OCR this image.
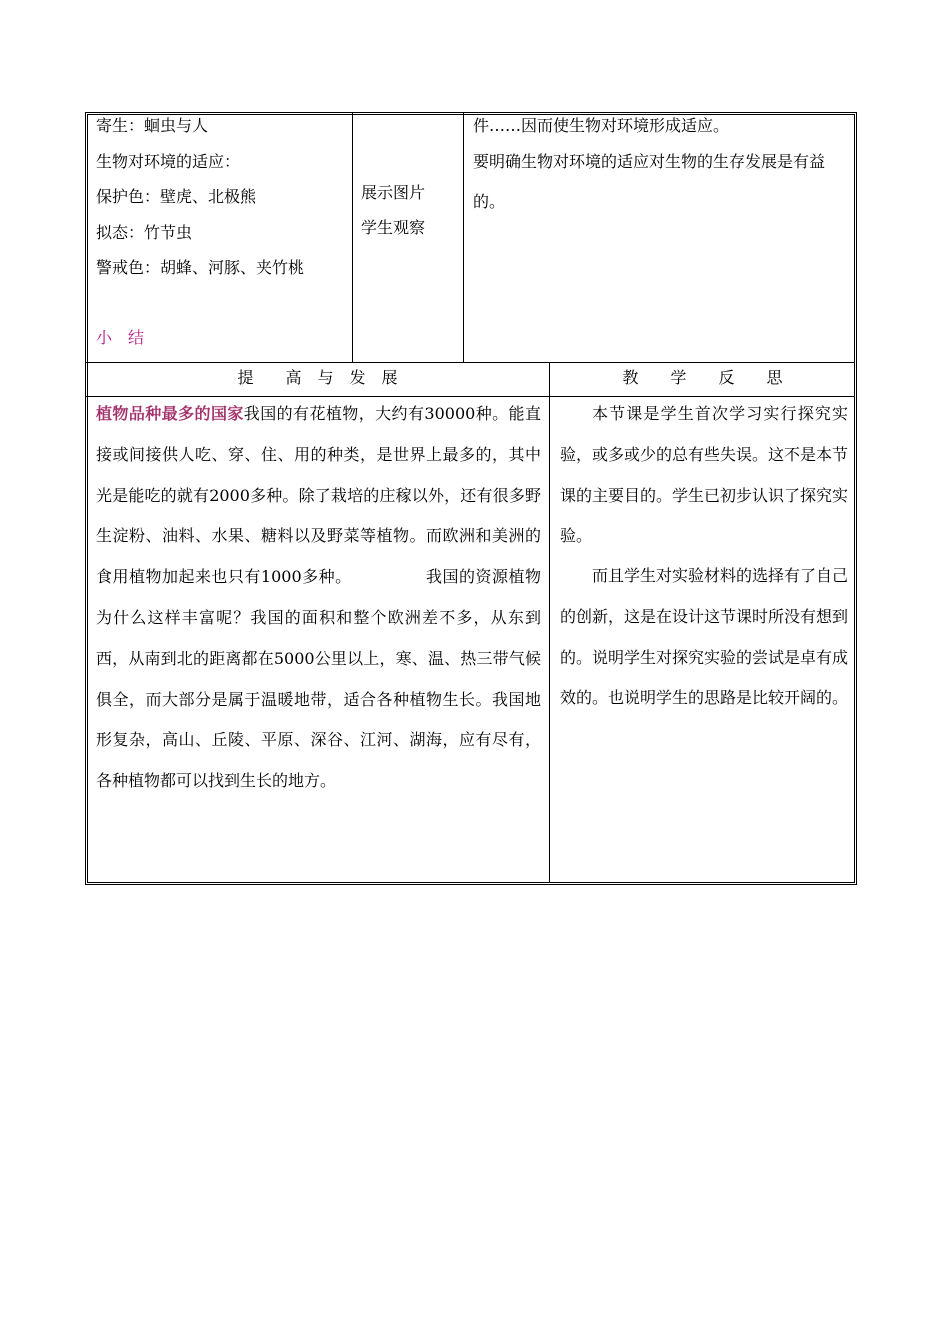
寄生：蛔虫与人
生物对环境的适应：
保护色：壁虎、北极熊
拟态：竹节虫
警戒色：胡蜂、河豚、夹竹桃
小　结
展示图片
学生观察
件……因而使生物对环境形成适应。
要明确生物对环境的适应对生物的生存发展是有益
的。
提　　高　与　发　展	教　　学　　反　　思
植物品种最多的国家我国的有花植物，大约有30000种。能直接或间接供人吃、穿、住、用的种类，是世界上最多的，其中光是能吃的就有2000多种。除了栽培的庄稼以外，还有很多野生淀粉、油料、水果、糖料以及野菜等植物。而欧洲和美洲的食用植物加起来也只有1000多种。　　　　　我国的资源植物为什么这样丰富呢？我国的面积和整个欧洲差不多，从东到西，从南到北的距离都在5000公里以上，寒、温、热三带气候俱全，而大部分是属于温暖地带，适合各种植物生长。我国地形复杂，高山、丘陵、平原、深谷、江河、湖海，应有尽有，各种植物都可以找到生长的地方。
本节课是学生首次学习实行探究实验，或多或少的总有些失误。这不是本节课的主要目的。学生已初步认识了探究实验。
而且学生对实验材料的选择有了自己的创新，这是在设计这节课时所没有想到的。说明学生对探究实验的尝试是卓有成效的。也说明学生的思路是比较开阔的。
